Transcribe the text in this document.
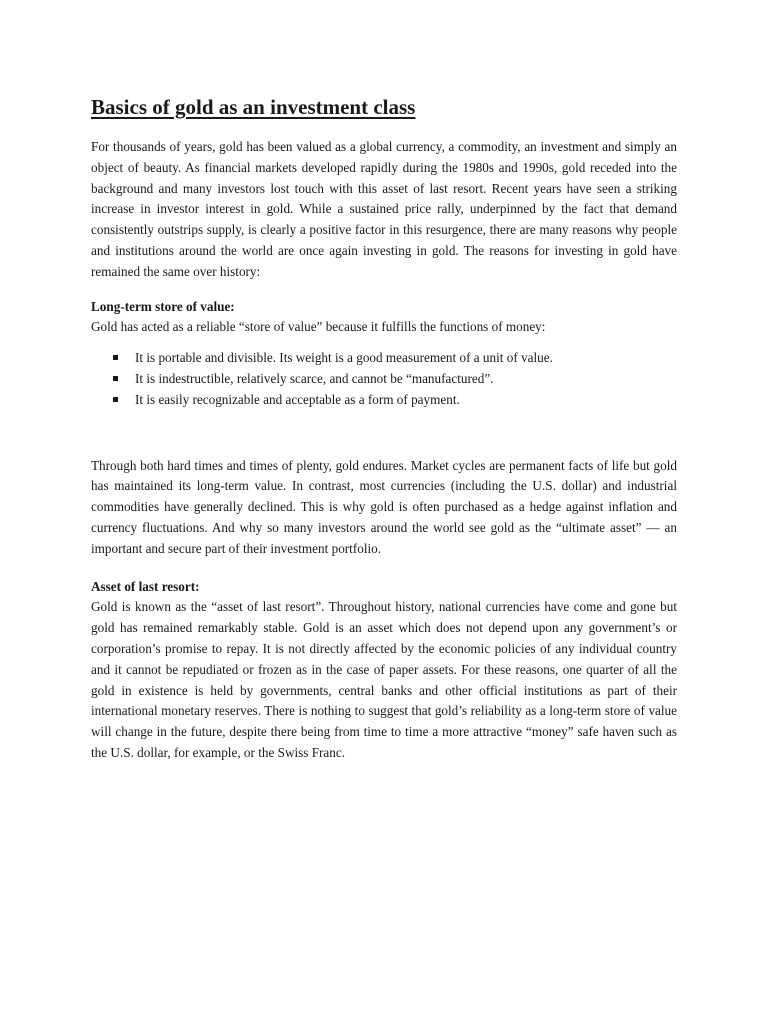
Basics of gold as an investment class

For thousands of years, gold has been valued as a global currency, a commodity, an investment and simply an object of beauty. As financial markets developed rapidly during the 1980s and 1990s, gold receded into the background and many investors lost touch with this asset of last resort. Recent years have seen a striking increase in investor interest in gold. While a sustained price rally, underpinned by the fact that demand consistently outstrips supply, is clearly a positive factor in this resurgence, there are many reasons why people and institutions around the world are once again investing in gold. The reasons for investing in gold have remained the same over history:

Long-term store of value:

Gold has acted as a reliable “store of value” because it fulfills the functions of money:

It is portable and divisible. Its weight is a good measurement of a unit of value.
It is indestructible, relatively scarce, and cannot be “manufactured”.
It is easily recognizable and acceptable as a form of payment.

Through both hard times and times of plenty, gold endures. Market cycles are permanent facts of life but gold has maintained its long-term value. In contrast, most currencies (including the U.S. dollar) and industrial commodities have generally declined. This is why gold is often purchased as a hedge against inflation and currency fluctuations. And why so many investors around the world see gold as the “ultimate asset” — an important and secure part of their investment portfolio.

Asset of last resort:

Gold is known as the “asset of last resort”. Throughout history, national currencies have come and gone but gold has remained remarkably stable. Gold is an asset which does not depend upon any government’s or corporation’s promise to repay. It is not directly affected by the economic policies of any individual country and it cannot be repudiated or frozen as in the case of paper assets. For these reasons, one quarter of all the gold in existence is held by governments, central banks and other official institutions as part of their international monetary reserves. There is nothing to suggest that gold’s reliability as a long-term store of value will change in the future, despite there being from time to time a more attractive “money” safe haven such as the U.S. dollar, for example, or the Swiss Franc.
